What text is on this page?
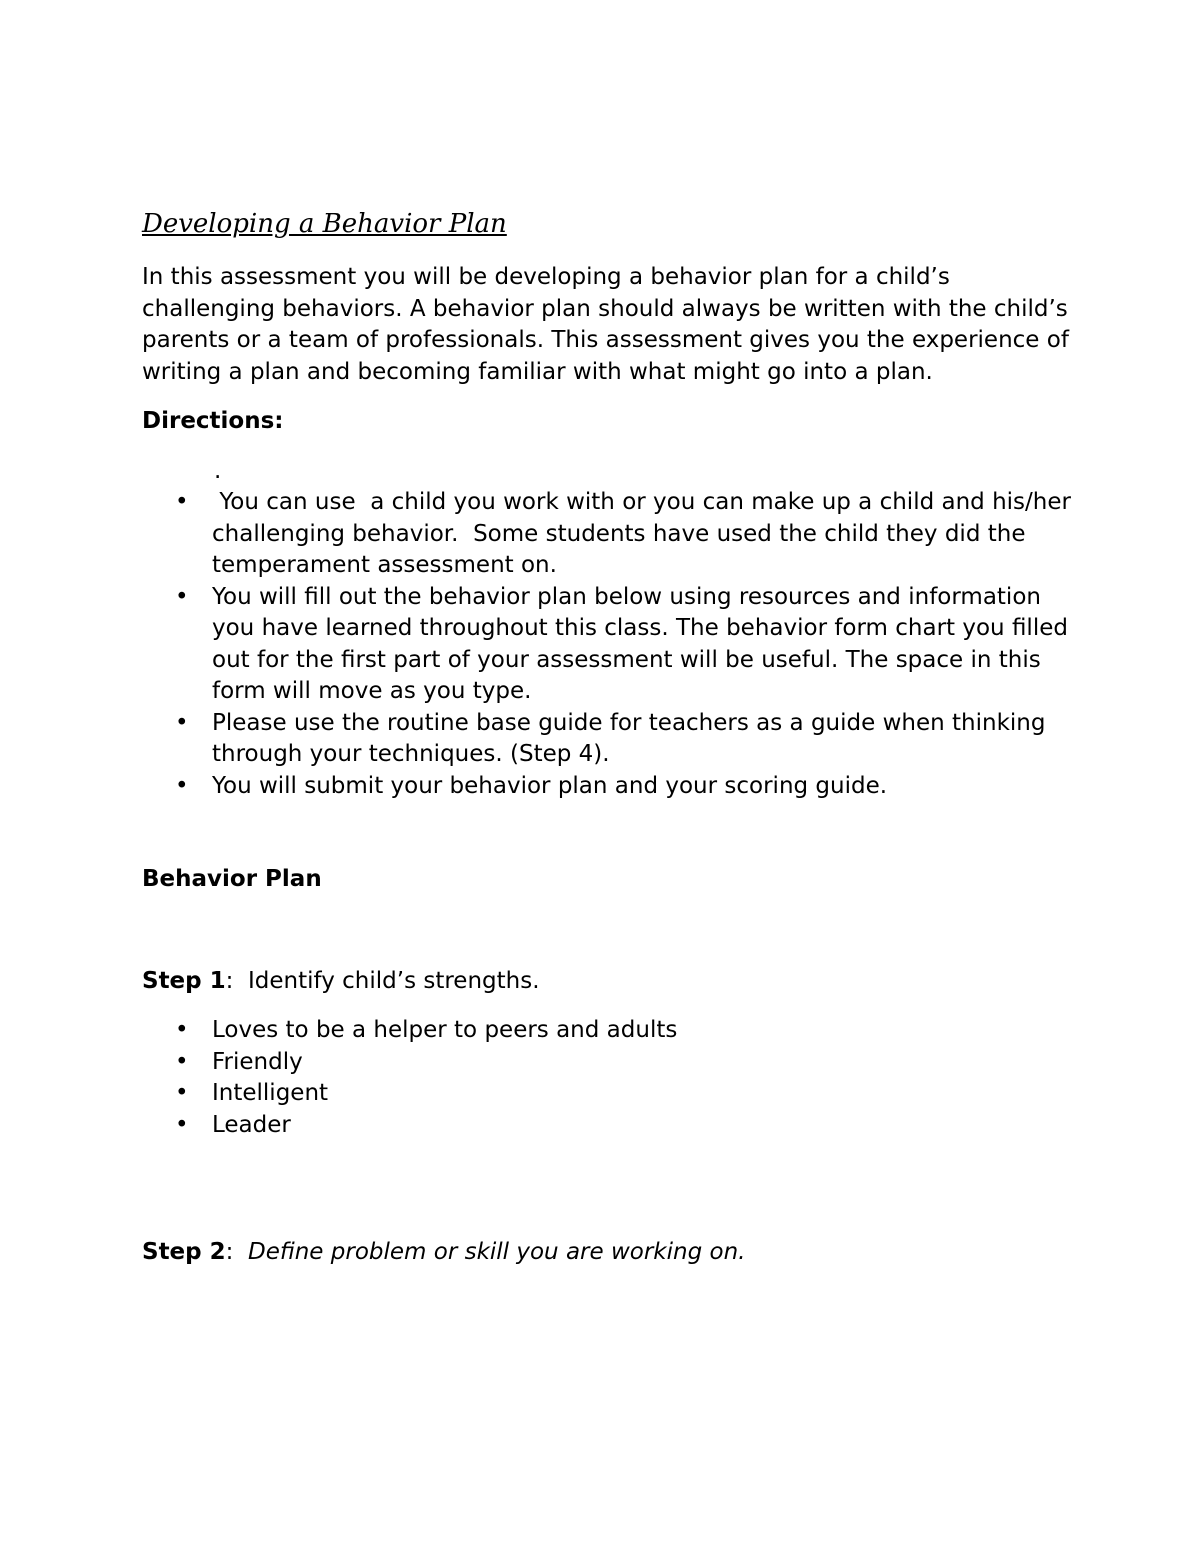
Developing a Behavior Plan

In this assessment you will be developing a behavior plan for a child’s challenging behaviors. A behavior plan should always be written with the child’s parents or a team of professionals. This assessment gives you the experience of writing a plan and becoming familiar with what might go into a plan.

Directions:

.
• You can use  a child you work with or you can make up a child and his/her challenging behavior.  Some students have used the child they did the temperament assessment on.
• You will fill out the behavior plan below using resources and information you have learned throughout this class. The behavior form chart you filled out for the first part of your assessment will be useful. The space in this form will move as you type.
• Please use the routine base guide for teachers as a guide when thinking through your techniques. (Step 4).
• You will submit your behavior plan and your scoring guide.

Behavior Plan

Step 1:  Identify child’s strengths.

• Loves to be a helper to peers and adults
• Friendly
• Intelligent
• Leader

Step 2:  Define problem or skill you are working on.
